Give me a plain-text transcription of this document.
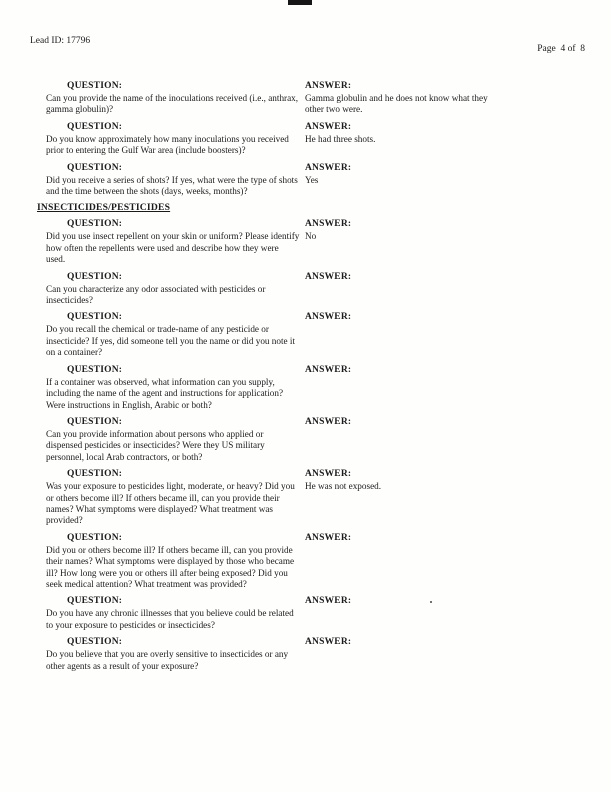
Lead ID: 17796
Page  4 of  8
QUESTION:
Can you provide the name of the inoculations received (i.e., anthrax, gamma globulin)?
ANSWER:
Gamma globulin and he does not know what they other two were.
QUESTION:
Do you know approximately how many inoculations you received prior to entering the Gulf War area (include boosters)?
ANSWER:
He had three shots.
QUESTION:
Did you receive a series of shots? If yes, what were the type of shots and the time between the shots (days, weeks, months)?
ANSWER:
Yes
INSECTICIDES/PESTICIDES
QUESTION:
Did you use insect repellent on your skin or uniform? Please identify how often the repellents were used and describe how they were used.
ANSWER:
No
QUESTION:
Can you characterize any odor associated with pesticides or insecticides?
ANSWER:
QUESTION:
Do you recall the chemical or trade-name of any pesticide or insecticide? If yes, did someone tell you the name or did you note it on a container?
ANSWER:
QUESTION:
If a container was observed, what information can you supply, including the name of the agent and instructions for application? Were instructions in English, Arabic or both?
ANSWER:
QUESTION:
Can you provide information about persons who applied or dispensed pesticides or insecticides? Were they US military personnel, local Arab contractors, or both?
ANSWER:
QUESTION:
Was your exposure to pesticides light, moderate, or heavy? Did you or others become ill? If others became ill, can you provide their names? What symptoms were displayed? What treatment was provided?
ANSWER:
He was not exposed.
QUESTION:
Did you or others become ill? If others became ill, can you provide their names? What symptoms were displayed by those who became ill? How long were you or others ill after being exposed? Did you seek medical attention? What treatment was provided?
ANSWER:
QUESTION:
Do you have any chronic illnesses that you believe could be related to your exposure to pesticides or insecticides?
ANSWER:
QUESTION:
Do you believe that you are overly sensitive to insecticides or any other agents as a result of your exposure?
ANSWER:
